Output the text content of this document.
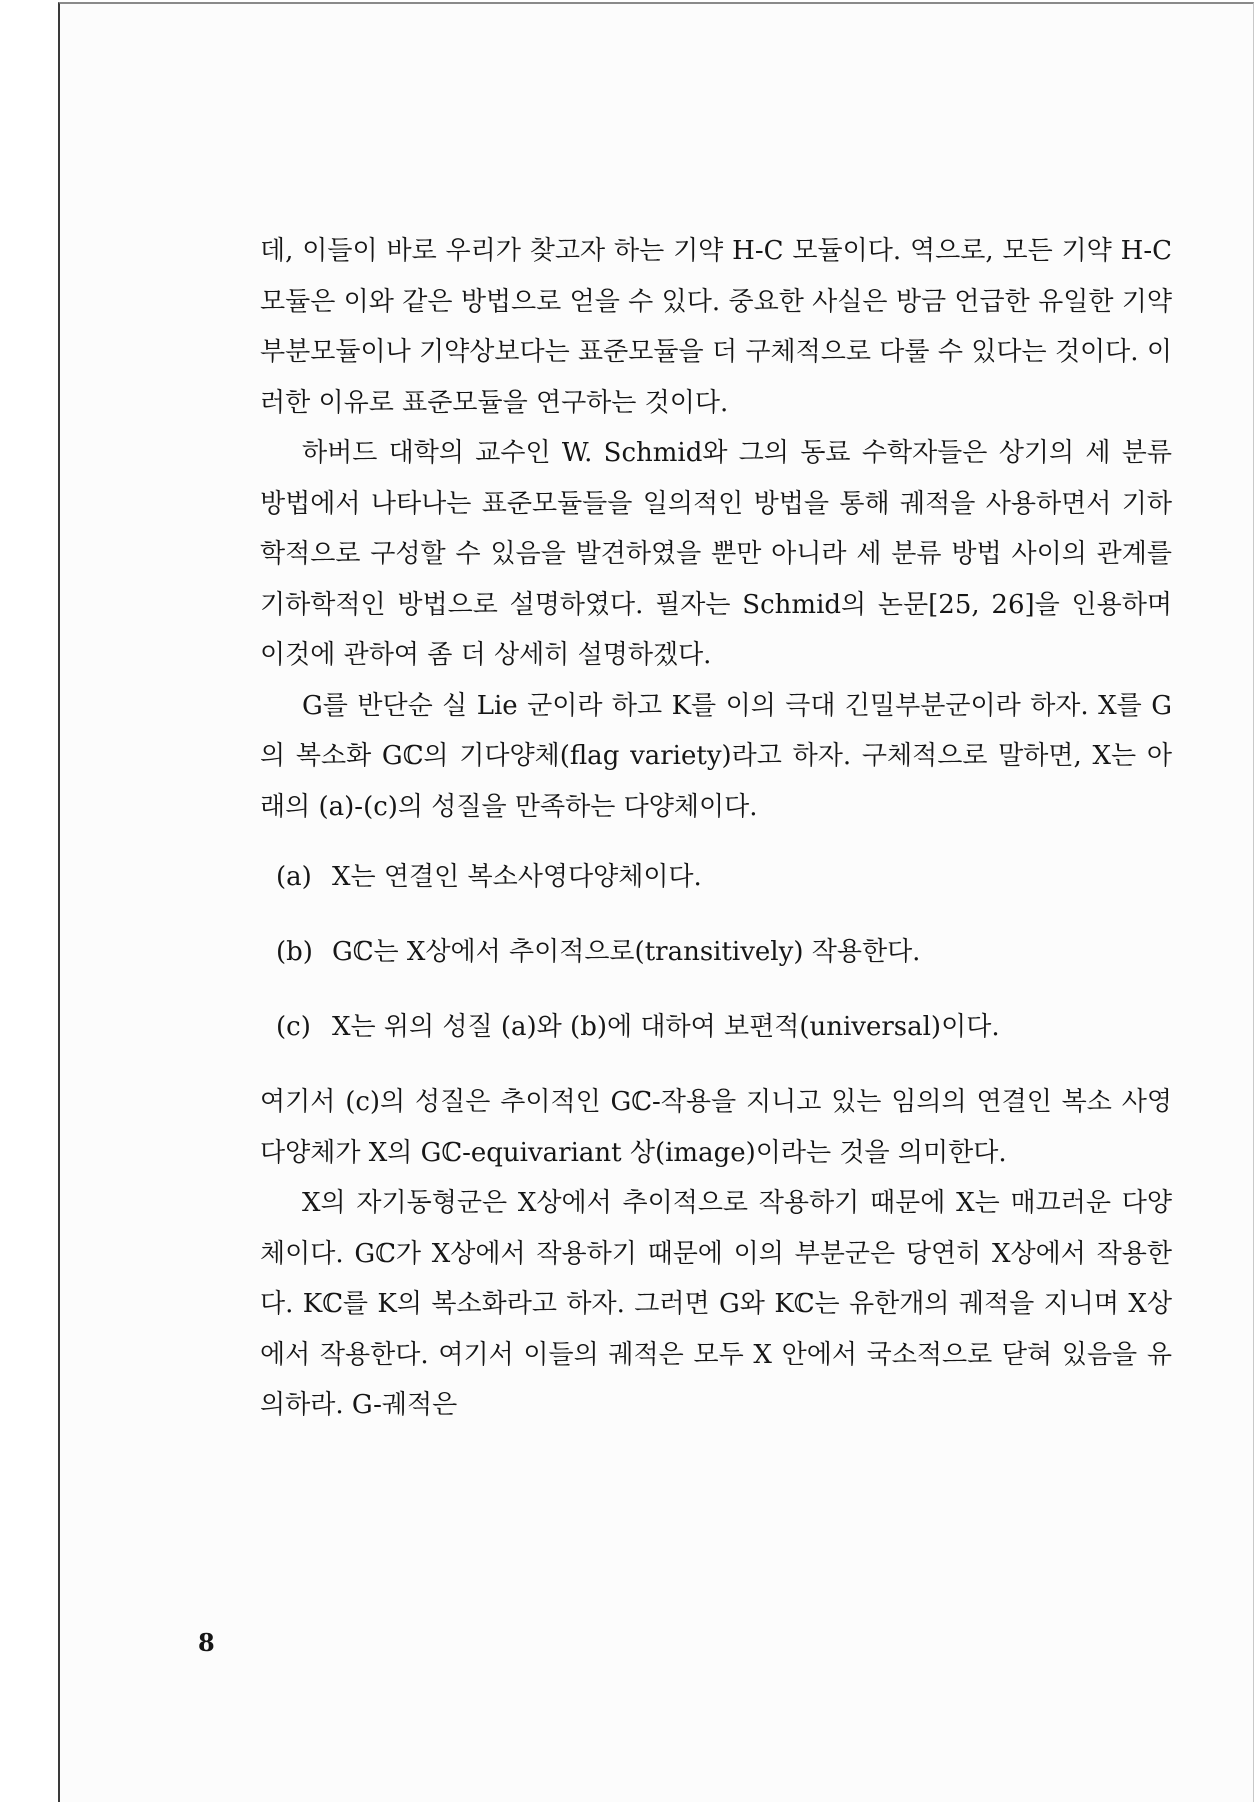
데, 이들이 바로 우리가 찾고자 하는 기약 H-C 모듈이다. 역으로, 모든 기약 H-C 모듈은 이와 같은 방법으로 얻을 수 있다. 중요한 사실은 방금 언급한 유일한 기약부분모듈이나 기약상보다는 표준모듈을 더 구체적으로 다룰 수 있다는 것이다. 이러한 이유로 표준모듈을 연구하는 것이다.

하버드 대학의 교수인 W. Schmid와 그의 동료 수학자들은 상기의 세 분류 방법에서 나타나는 표준모듈들을 일의적인 방법을 통해 궤적을 사용하면서 기하학적으로 구성할 수 있음을 발견하였을 뿐만 아니라 세 분류 방법 사이의 관계를 기하학적인 방법으로 설명하였다. 필자는 Schmid의 논문[25, 26]을 인용하며 이것에 관하여 좀 더 상세히 설명하겠다.

G를 반단순 실 Lie 군이라 하고 K를 이의 극대 긴밀부분군이라 하자. X를 G의 복소화 Gℂ의 기다양체(flag variety)라고 하자. 구체적으로 말하면, X는 아래의 (a)-(c)의 성질을 만족하는 다양체이다.

(a) X는 연결인 복소사영다양체이다.
(b) Gℂ는 X상에서 추이적으로(transitively) 작용한다.
(c) X는 위의 성질 (a)와 (b)에 대하여 보편적(universal)이다.

여기서 (c)의 성질은 추이적인 Gℂ-작용을 지니고 있는 임의의 연결인 복소 사영다양체가 X의 Gℂ-equivariant 상(image)이라는 것을 의미한다.

X의 자기동형군은 X상에서 추이적으로 작용하기 때문에 X는 매끄러운 다양체이다. Gℂ가 X상에서 작용하기 때문에 이의 부분군은 당연히 X상에서 작용한다. Kℂ를 K의 복소화라고 하자. 그러면 G와 Kℂ는 유한개의 궤적을 지니며 X상에서 작용한다. 여기서 이들의 궤적은 모두 X 안에서 국소적으로 닫혀 있음을 유의하라. G-궤적은

8
